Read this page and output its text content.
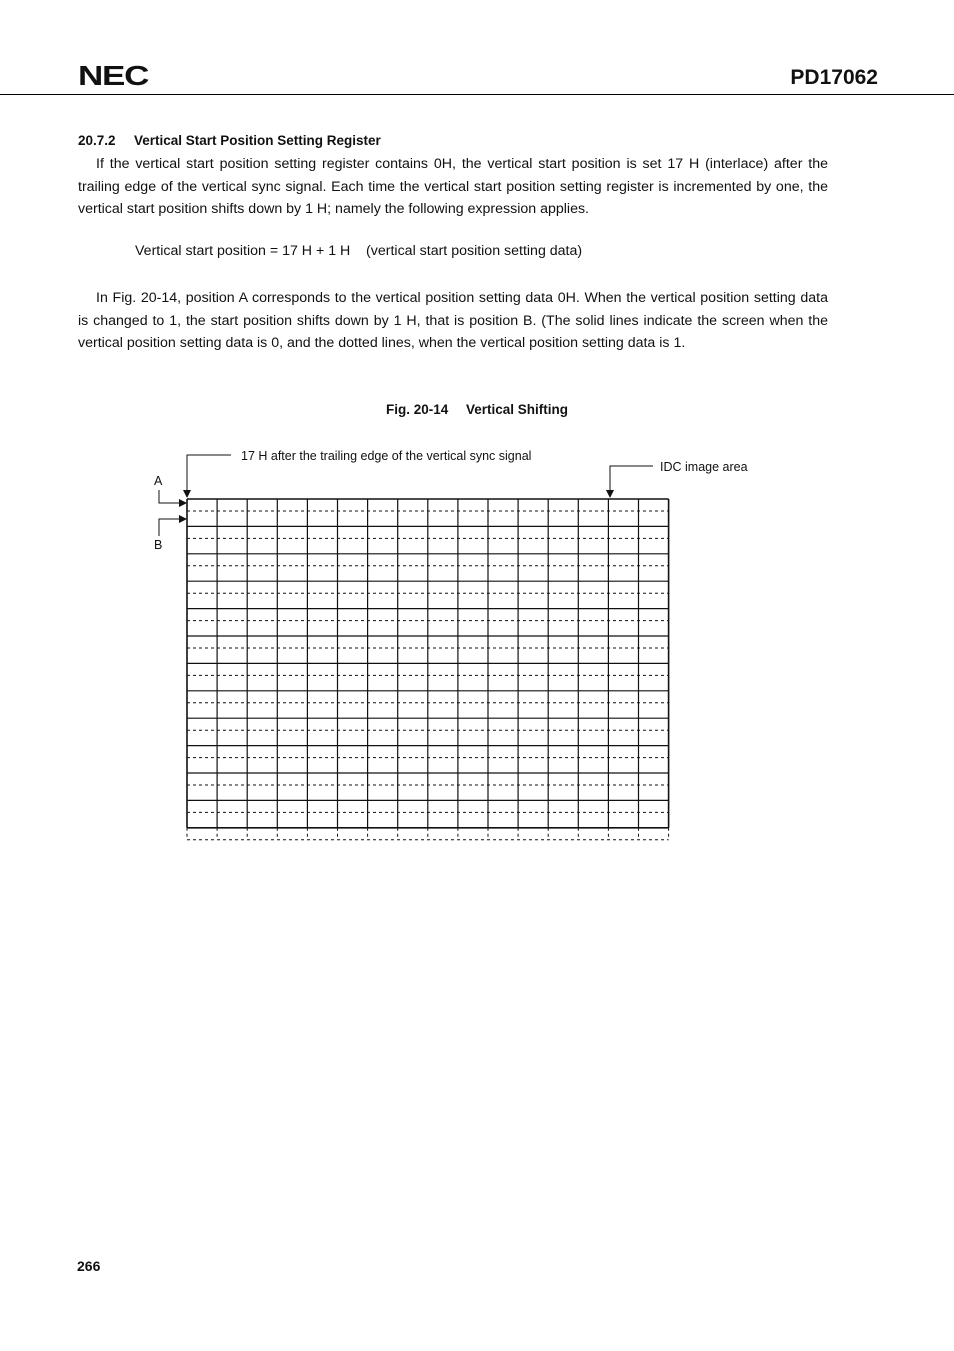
NEC	PD17062
20.7.2 Vertical Start Position Setting Register

If the vertical start position setting register contains 0H, the vertical start position is set 17 H (interlace) after the trailing edge of the vertical sync signal. Each time the vertical start position setting register is incremented by one, the vertical start position shifts down by 1 H; namely the following expression applies.

Vertical start position = 17 H + 1 H    (vertical start position setting data)

In Fig. 20-14, position A corresponds to the vertical position setting data 0H. When the vertical position setting data is changed to 1, the start position shifts down by 1 H, that is position B. (The solid lines indicate the screen when the vertical position setting data is 0, and the dotted lines, when the vertical position setting data is 1.

Fig. 20-14 Vertical Shifting
17 H after the trailing edge of the vertical sync signal
IDC image area
A
B
266
